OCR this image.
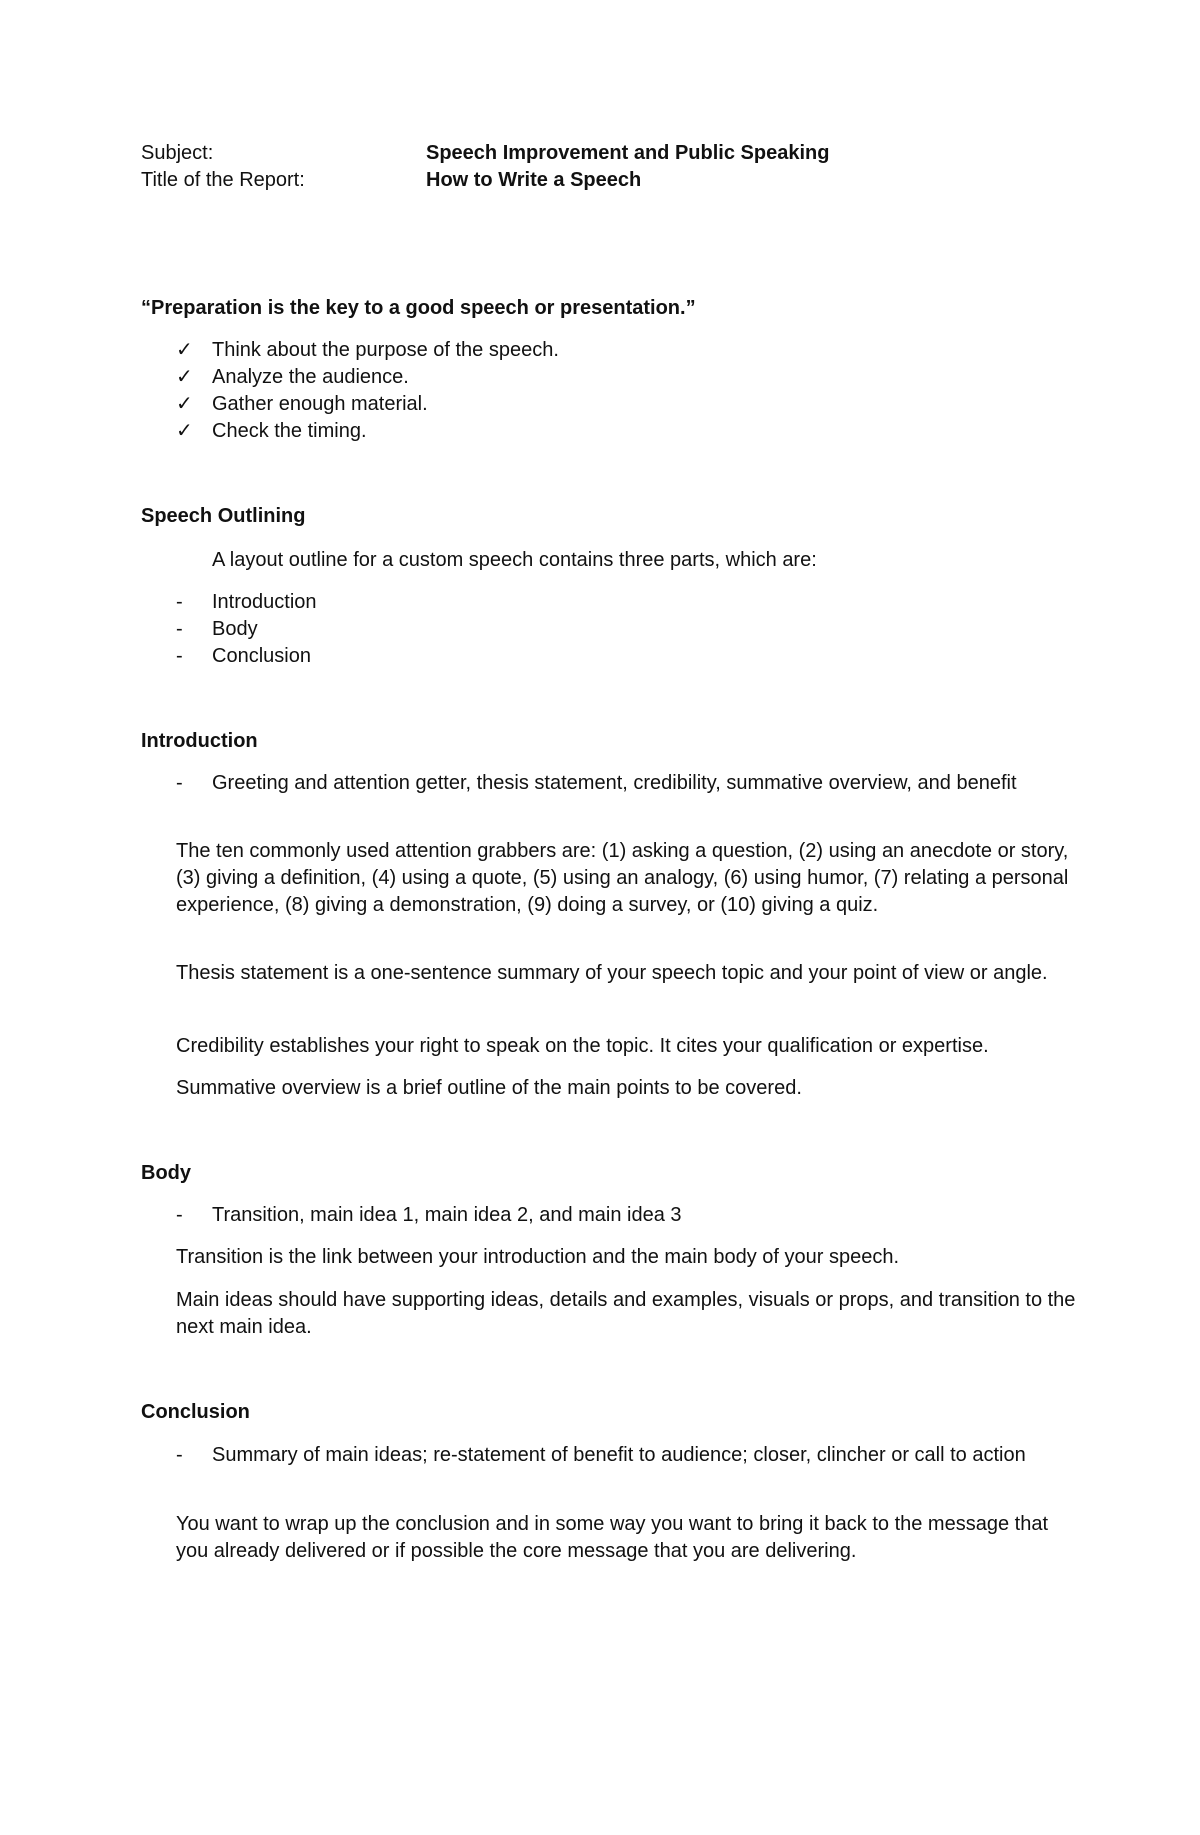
Subject:	Speech Improvement and Public Speaking
Title of the Report:	How to Write a Speech
“Preparation is the key to a good speech or presentation.”
✓ Think about the purpose of the speech.
✓ Analyze the audience.
✓ Gather enough material.
✓ Check the timing.
Speech Outlining
A layout outline for a custom speech contains three parts, which are:
-	Introduction
-	Body
-	Conclusion
Introduction
-	Greeting and attention getter, thesis statement, credibility, summative overview, and benefit
The ten commonly used attention grabbers are: (1) asking a question, (2) using an anecdote or story, (3) giving a definition, (4) using a quote, (5) using an analogy, (6) using humor, (7) relating a personal experience, (8) giving a demonstration, (9) doing a survey, or (10) giving a quiz.
Thesis statement is a one-sentence summary of your speech topic and your point of view or angle.
Credibility establishes your right to speak on the topic. It cites your qualification or expertise.
Summative overview is a brief outline of the main points to be covered.
Body
-	Transition, main idea 1, main idea 2, and main idea 3
Transition is the link between your introduction and the main body of your speech.
Main ideas should have supporting ideas, details and examples, visuals or props, and transition to the next main idea.
Conclusion
-	Summary of main ideas; re-statement of benefit to audience; closer, clincher or call to action
You want to wrap up the conclusion and in some way you want to bring it back to the message that you already delivered or if possible the core message that you are delivering.
